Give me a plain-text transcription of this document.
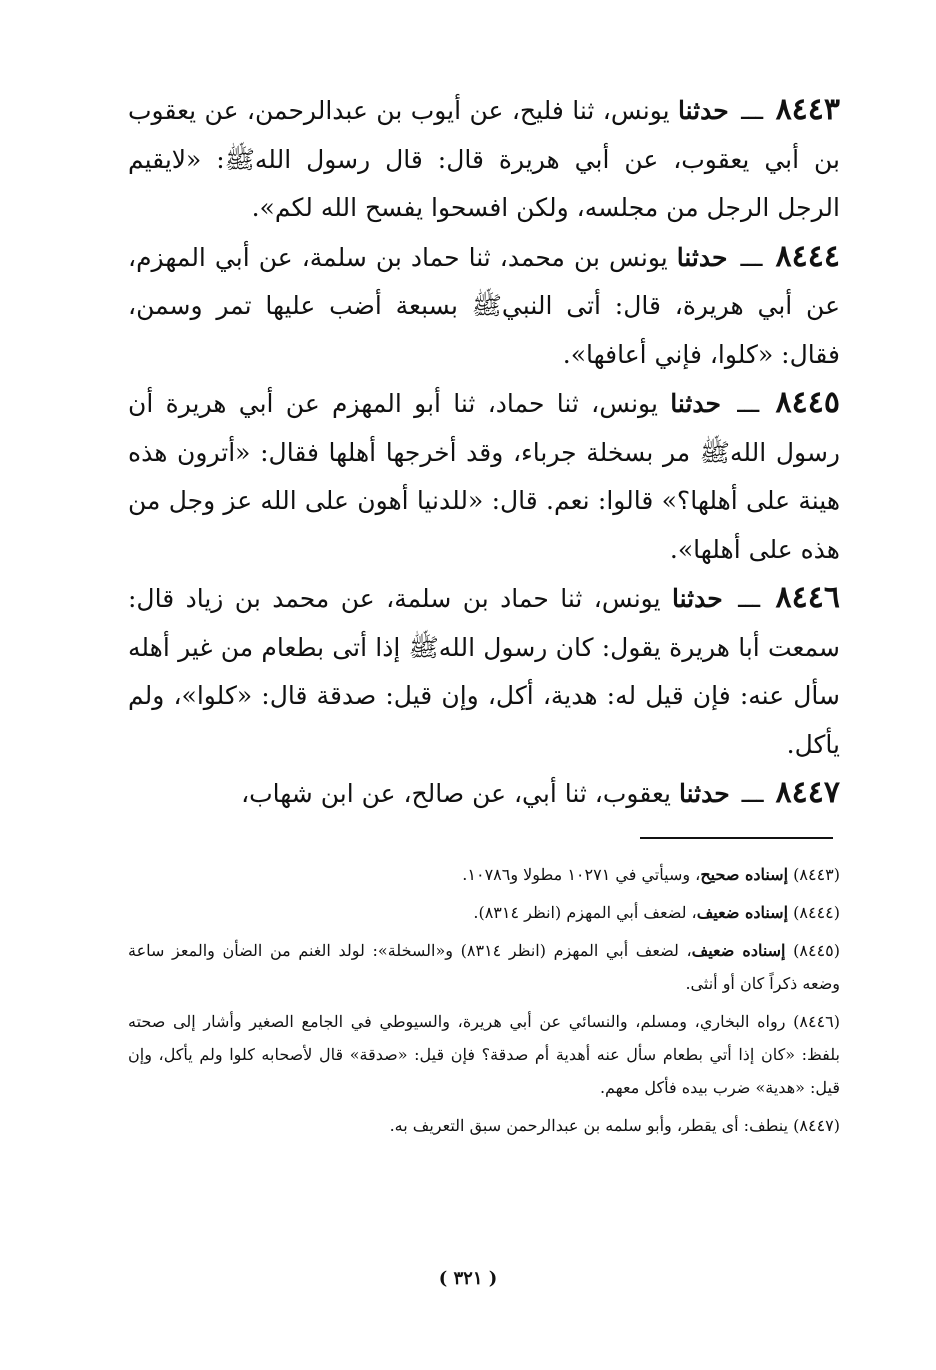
٨٤٤٣ ـــ حدثنا يونس، ثنا فليح، عن أيوب بن عبدالرحمن، عن يعقوب بن أبي يعقوب، عن أبي هريرة قال: قال رسول اللهﷺ: «لايقيم الرجل الرجل من مجلسه، ولكن افسحوا يفسح الله لكم».

٨٤٤٤ ـــ حدثنا يونس بن محمد، ثنا حماد بن سلمة، عن أبي المهزم، عن أبي هريرة، قال: أتى النبيﷺ بسبعة أضب عليها تمر وسمن، فقال: «كلوا، فإني أعافها».

٨٤٤٥ ـــ حدثنا يونس، ثنا حماد، ثنا أبو المهزم عن أبي هريرة أن رسول اللهﷺ مر بسخلة جرباء، وقد أخرجها أهلها فقال: «أترون هذه هينة على أهلها؟» قالوا: نعم. قال: «للدنيا أهون على الله عز وجل من هذه على أهلها».

٨٤٤٦ ـــ حدثنا يونس، ثنا حماد بن سلمة، عن محمد بن زياد قال: سمعت أبا هريرة يقول: كان رسول اللهﷺ إذا أتى بطعام من غير أهله سأل عنه: فإن قيل له: هدية، أكل، وإن قيل: صدقة قال: «كلوا»، ولم يأكل.

٨٤٤٧ ـــ حدثنا يعقوب، ثنا أبي، عن صالح، عن ابن شهاب،

(٨٤٤٣) إسناده صحيح، وسيأتي في ١٠٢٧١ مطولا و١٠٧٨٦.

(٨٤٤٤) إسناده ضعيف، لضعف أبي المهزم (انظر ٨٣١٤).

(٨٤٤٥) إسناده ضعيف، لضعف أبي المهزم (انظر ٨٣١٤) و«السخلة»: لولد الغنم من الضأن والمعز ساعة وضعه ذكراً كان أو أنثى.

(٨٤٤٦) رواه البخاري، ومسلم، والنسائي عن أبي هريرة، والسيوطي في الجامع الصغير وأشار إلى صحته بلفظ: «كان إذا أتي بطعام سأل عنه أهدية أم صدقة؟ فإن قيل: «صدقة» قال لأصحابه كلوا ولم يأكل، وإن قيل: «هدية» ضرب بيده فأكل معهم.

(٨٤٤٧) ينطف: أى يقطر، وأبو سلمه بن عبدالرحمن سبق التعريف به.

( ٣٢١ )
